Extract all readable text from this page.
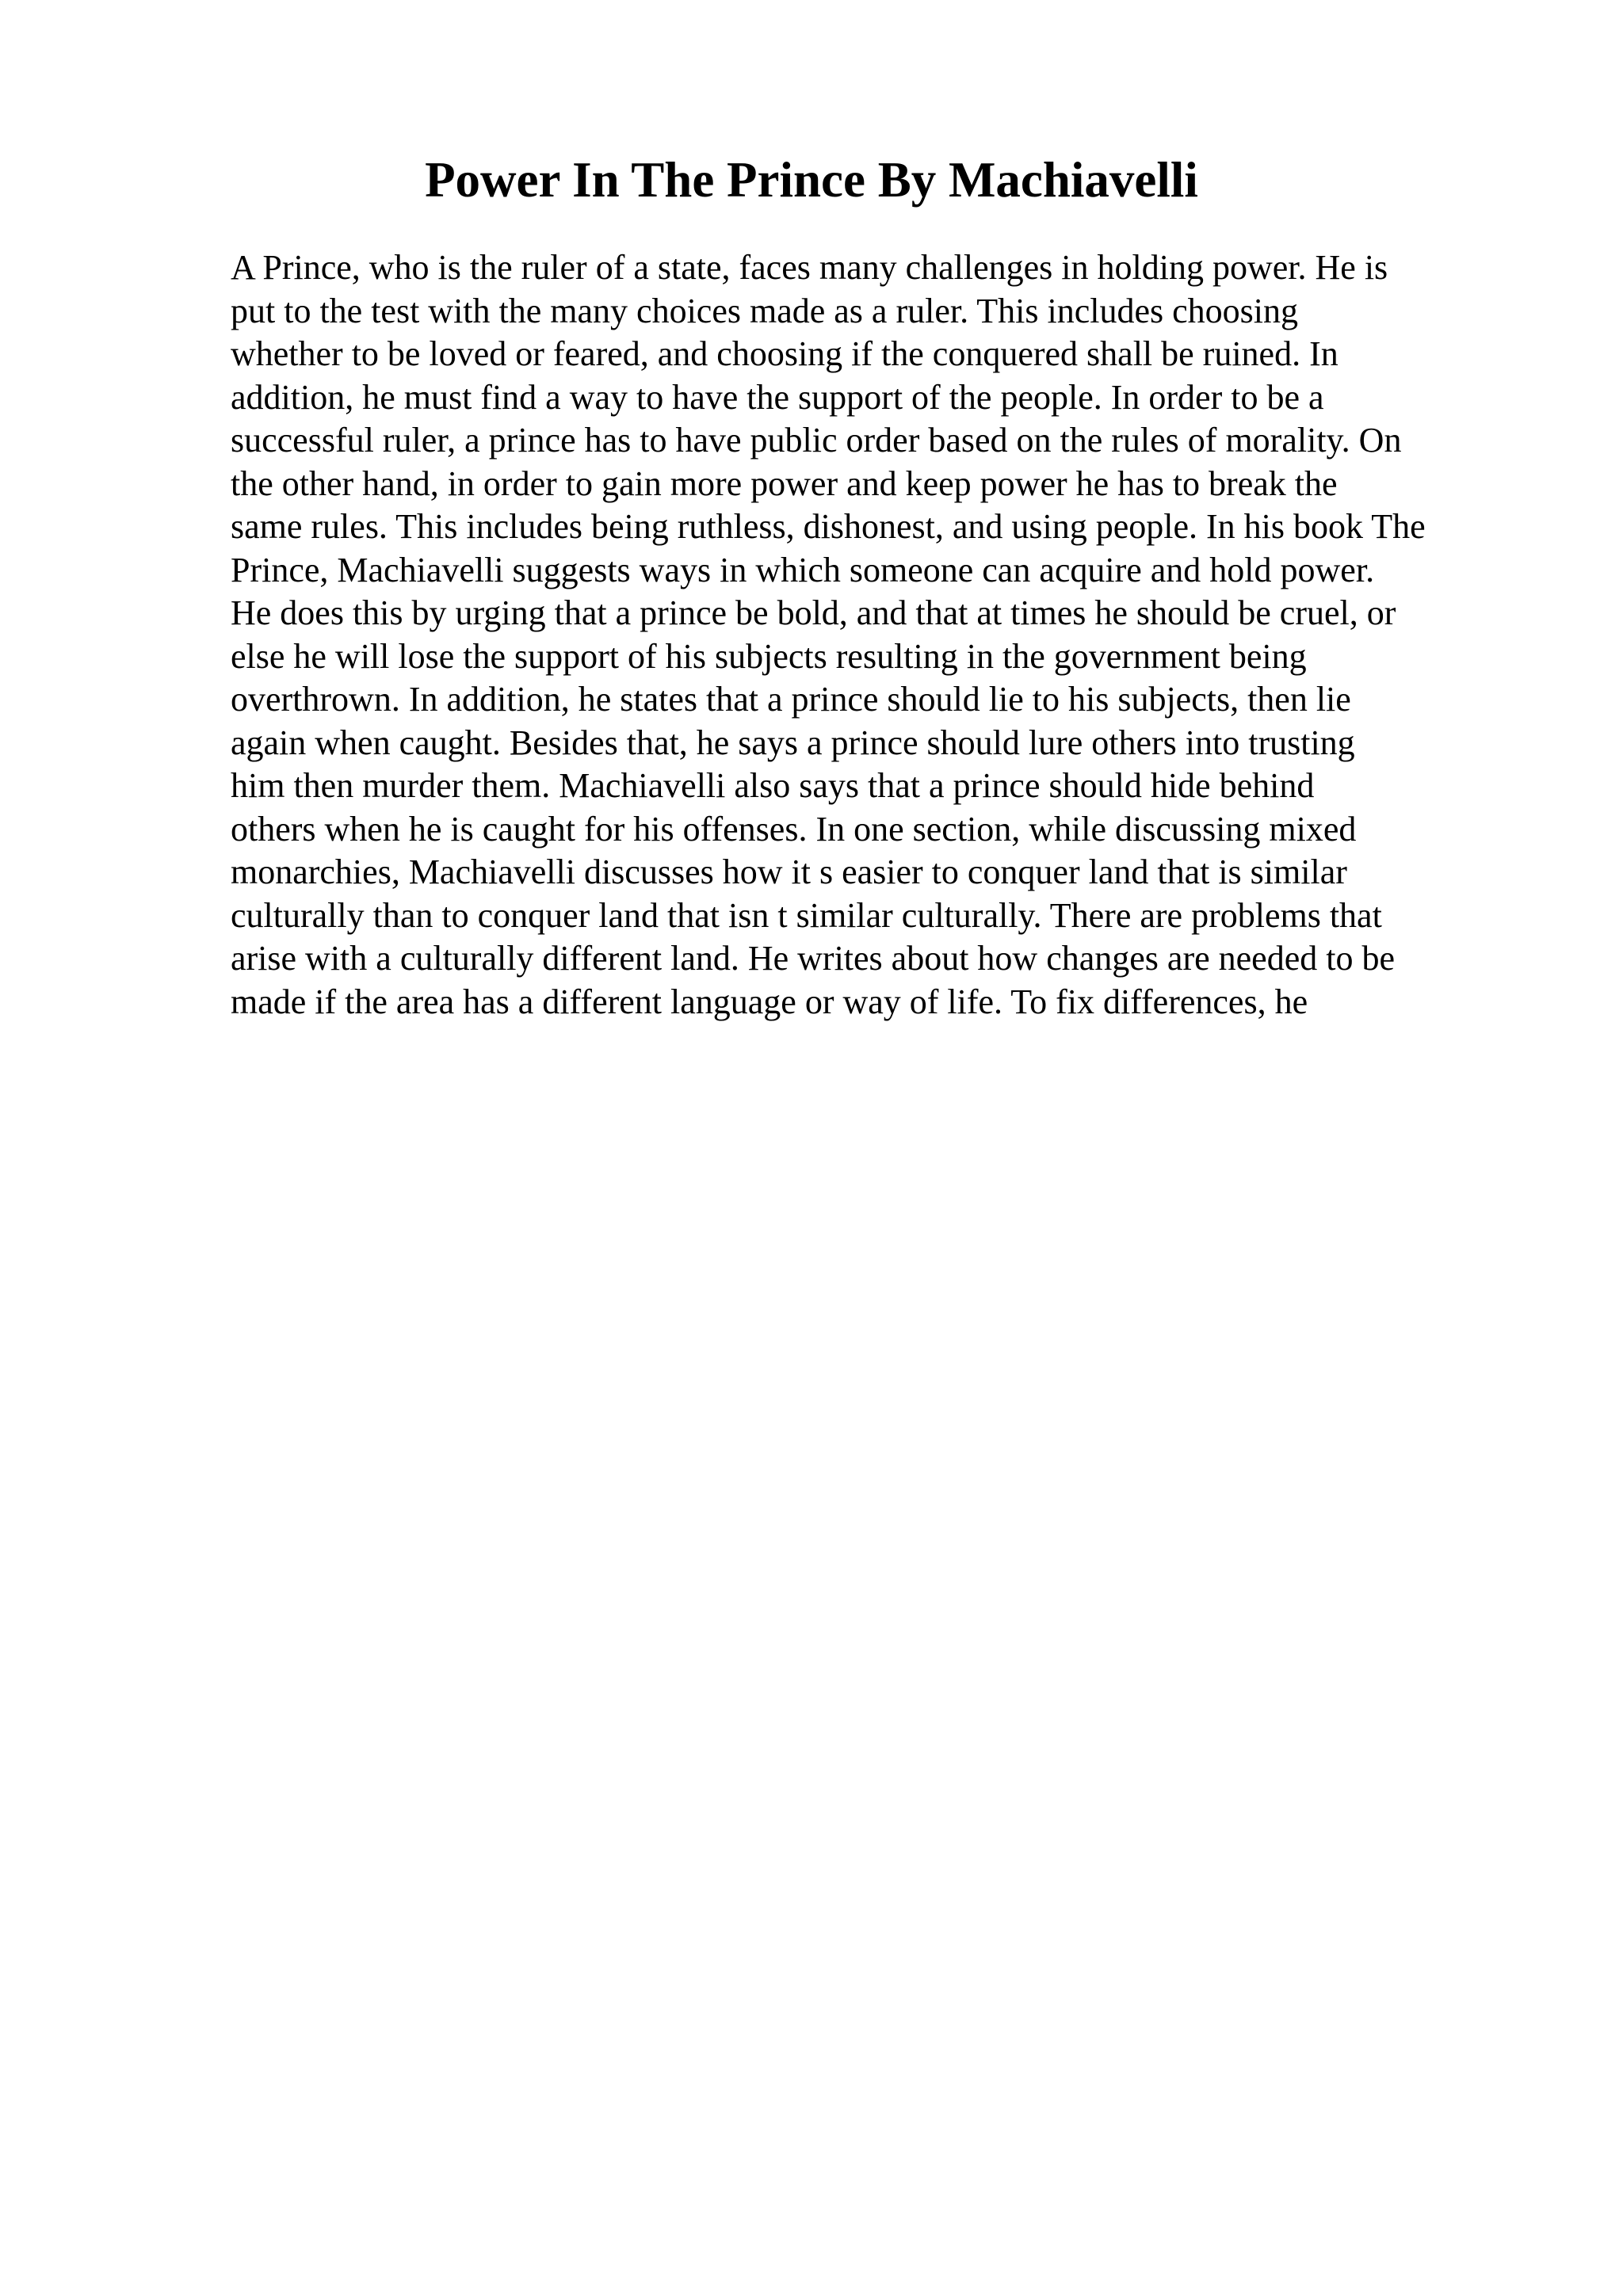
Power In The Prince By Machiavelli
A Prince, who is the ruler of a state, faces many challenges in holding power. He is
put to the test with the many choices made as a ruler. This includes choosing
whether to be loved or feared, and choosing if the conquered shall be ruined. In
addition, he must find a way to have the support of the people. In order to be a
successful ruler, a prince has to have public order based on the rules of morality. On
the other hand, in order to gain more power and keep power he has to break the
same rules. This includes being ruthless, dishonest, and using people. In his book The
Prince, Machiavelli suggests ways in which someone can acquire and hold power.
He does this by urging that a prince be bold, and that at times he should be cruel, or
else he will lose the support of his subjects resulting in the government being
overthrown. In addition, he states that a prince should lie to his subjects, then lie
again when caught. Besides that, he says a prince should lure others into trusting
him then murder them. Machiavelli also says that a prince should hide behind
others when he is caught for his offenses. In one section, while discussing mixed
monarchies, Machiavelli discusses how it s easier to conquer land that is similar
culturally than to conquer land that isn t similar culturally. There are problems that
arise with a culturally different land. He writes about how changes are needed to be
made if the area has a different language or way of life. To fix differences, he
